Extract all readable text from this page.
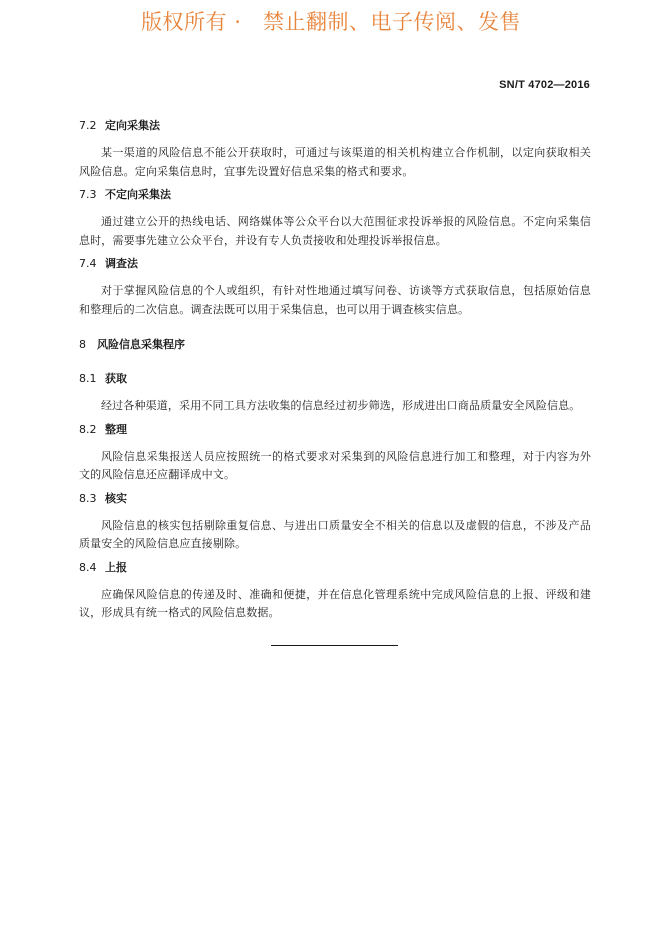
版权所有 ·   禁止翻制、电子传阅、发售
SN/T 4702—2016
7.2 定向采集法

某一渠道的风险信息不能公开获取时，可通过与该渠道的相关机构建立合作机制，以定向获取相关风险信息。定向采集信息时，宜事先设置好信息采集的格式和要求。

7.3 不定向采集法

通过建立公开的热线电话、网络媒体等公众平台以大范围征求投诉举报的风险信息。不定向采集信息时，需要事先建立公众平台，并设有专人负责接收和处理投诉举报信息。

7.4 调查法

对于掌握风险信息的个人或组织，有针对性地通过填写问卷、访谈等方式获取信息，包括原始信息和整理后的二次信息。调查法既可以用于采集信息，也可以用于调查核实信息。

8 风险信息采集程序
8.1 获取

经过各种渠道，采用不同工具方法收集的信息经过初步筛选，形成进出口商品质量安全风险信息。

8.2 整理

风险信息采集报送人员应按照统一的格式要求对采集到的风险信息进行加工和整理，对于内容为外文的风险信息还应翻译成中文。

8.3 核实

风险信息的核实包括剔除重复信息、与进出口质量安全不相关的信息以及虚假的信息，不涉及产品质量安全的风险信息应直接剔除。

8.4 上报

应确保风险信息的传递及时、准确和便捷，并在信息化管理系统中完成风险信息的上报、评级和建议，形成具有统一格式的风险信息数据。
